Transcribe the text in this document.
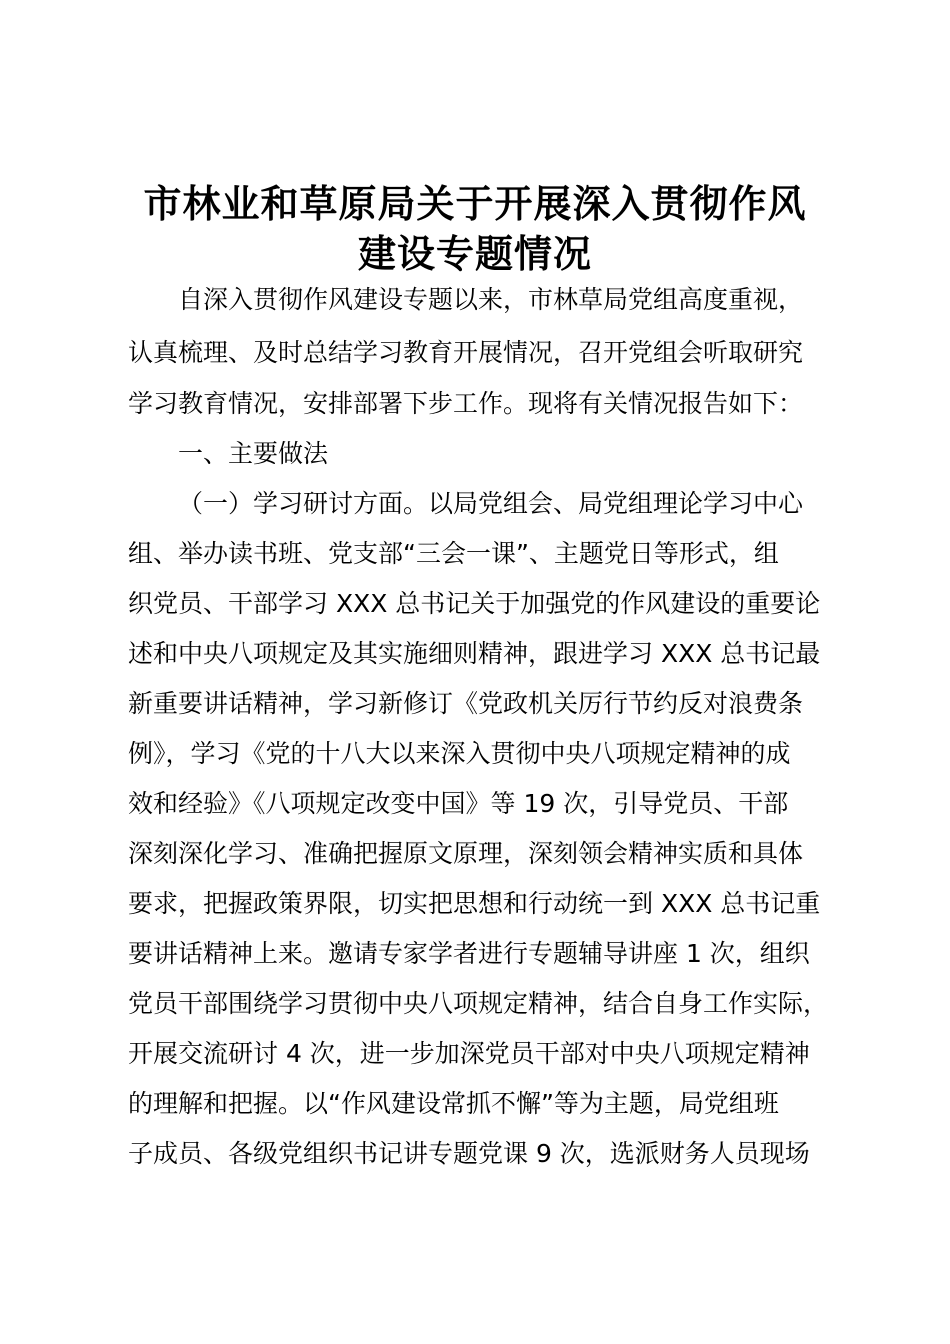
市林业和草原局关于开展深入贯彻作风
建设专题情况

自深入贯彻作风建设专题以来，市林草局党组高度重视，

认真梳理、及时总结学习教育开展情况，召开党组会听取研究

学习教育情况，安排部署下步工作。现将有关情况报告如下：

一、主要做法

（一）学习研讨方面。以局党组会、局党组理论学习中心

组、举办读书班、党支部“三会一课”、主题党日等形式，组

织党员、干部学习 XXX 总书记关于加强党的作风建设的重要论

述和中央八项规定及其实施细则精神，跟进学习 XXX 总书记最

新重要讲话精神，学习新修订《党政机关厉行节约反对浪费条

例》，学习《党的十八大以来深入贯彻中央八项规定精神的成

效和经验》《八项规定改变中国》等 19 次，引导党员、干部

深刻深化学习、准确把握原文原理，深刻领会精神实质和具体

要求，把握政策界限，切实把思想和行动统一到 XXX 总书记重

要讲话精神上来。邀请专家学者进行专题辅导讲座 1 次，组织

党员干部围绕学习贯彻中央八项规定精神，结合自身工作实际，

开展交流研讨 4 次，进一步加深党员干部对中央八项规定精神

的理解和把握。以“作风建设常抓不懈”等为主题，局党组班

子成员、各级党组织书记讲专题党课 9 次，选派财务人员现场
